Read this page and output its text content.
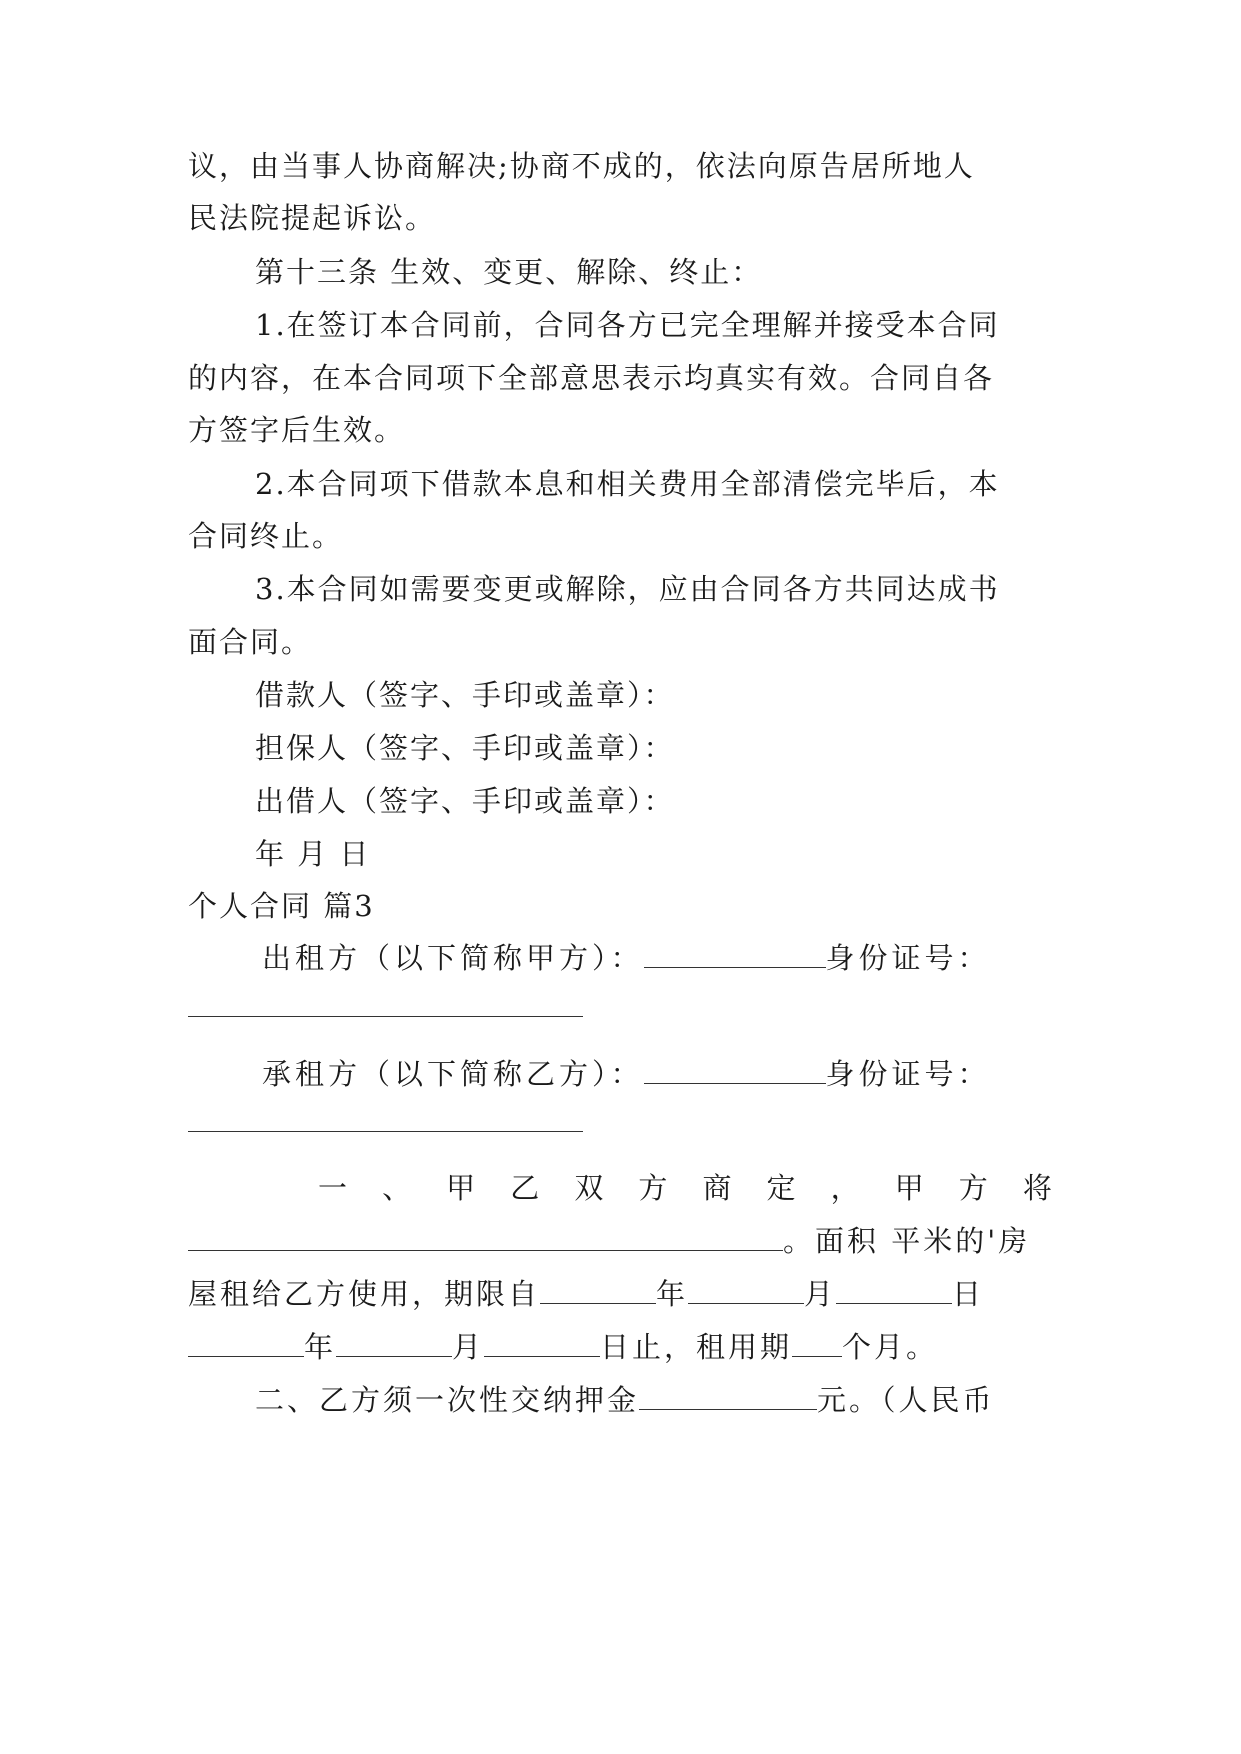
议，由当事人协商解决;协商不成的，依法向原告居所地人
民法院提起诉讼。
第十三条 生效、变更、解除、终止：
1.在签订本合同前，合同各方已完全理解并接受本合同
的内容，在本合同项下全部意思表示均真实有效。合同自各
方签字后生效。
2.本合同项下借款本息和相关费用全部清偿完毕后，本
合同终止。
3.本合同如需要变更或解除，应由合同各方共同达成书
面合同。
借款人（签字、手印或盖章）：
担保人（签字、手印或盖章）：
出借人（签字、手印或盖章）：
年 月 日
个人合同 篇3
出租方（以下简称甲方）：	身份证号：
承租方（以下简称乙方）：	身份证号：
一 、 甲 乙 双 方 商 定 ， 甲 方 将
。面积 平米的'房
屋租给乙方使用，期限自	年	月	日
年	月	日止，租用期 个月。
二、乙方须一次性交纳押金	元。（人民币
